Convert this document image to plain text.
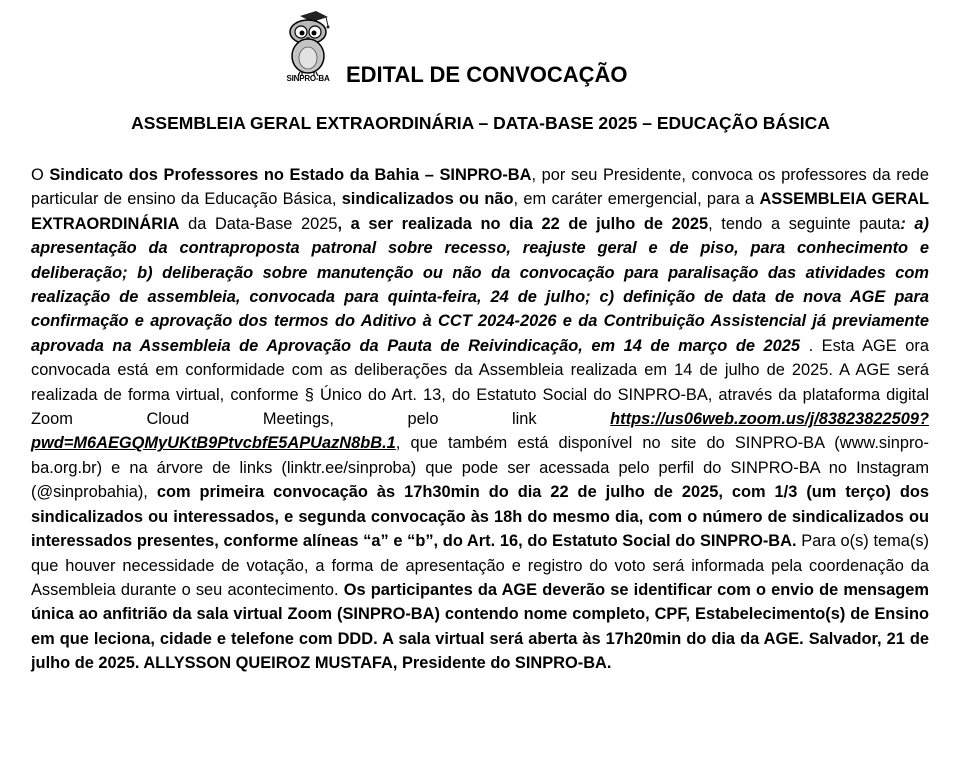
SINPRO-BA EDITAL DE CONVOCAÇÃO
ASSEMBLEIA GERAL EXTRAORDINÁRIA – DATA-BASE 2025 – EDUCAÇÃO BÁSICA

O Sindicato dos Professores no Estado da Bahia – SINPRO-BA, por seu Presidente, convoca os professores da rede particular de ensino da Educação Básica, sindicalizados ou não, em caráter emergencial, para a ASSEMBLEIA GERAL EXTRAORDINÁRIA da Data-Base 2025, a ser realizada no dia 22 de julho de 2025, tendo a seguinte pauta: a) apresentação da contraproposta patronal sobre recesso, reajuste geral e de piso, para conhecimento e deliberação; b) deliberação sobre manutenção ou não da convocação para paralisação das atividades com realização de assembleia, convocada para quinta-feira, 24 de julho; c) definição de data de nova AGE para confirmação e aprovação dos termos do Aditivo à CCT 2024-2026 e da Contribuição Assistencial já previamente aprovada na Assembleia de Aprovação da Pauta de Reivindicação, em 14 de março de 2025 . Esta AGE ora convocada está em conformidade com as deliberações da Assembleia realizada em 14 de julho de 2025. A AGE será realizada de forma virtual, conforme § Único do Art. 13, do Estatuto Social do SINPRO-BA, através da plataforma digital Zoom Cloud Meetings, pelo link https://us06web.zoom.us/j/83823822509?pwd=M6AEGQMyUKtB9PtvcbfE5APUazN8bB.1, que também está disponível no site do SINPRO-BA (www.sinpro-ba.org.br) e na árvore de links (linktr.ee/sinproba) que pode ser acessada pelo perfil do SINPRO-BA no Instagram (@sinprobahia), com primeira convocação às 17h30min do dia 22 de julho de 2025, com 1/3 (um terço) dos sindicalizados ou interessados, e segunda convocação às 18h do mesmo dia, com o número de sindicalizados ou interessados presentes, conforme alíneas “a” e “b”, do Art. 16, do Estatuto Social do SINPRO-BA. Para o(s) tema(s) que houver necessidade de votação, a forma de apresentação e registro do voto será informada pela coordenação da Assembleia durante o seu acontecimento. Os participantes da AGE deverão se identificar com o envio de mensagem única ao anfitrião da sala virtual Zoom (SINPRO-BA) contendo nome completo, CPF, Estabelecimento(s) de Ensino em que leciona, cidade e telefone com DDD. A sala virtual será aberta às 17h20min do dia da AGE. Salvador, 21 de julho de 2025. ALLYSSON QUEIROZ MUSTAFA, Presidente do SINPRO-BA.
